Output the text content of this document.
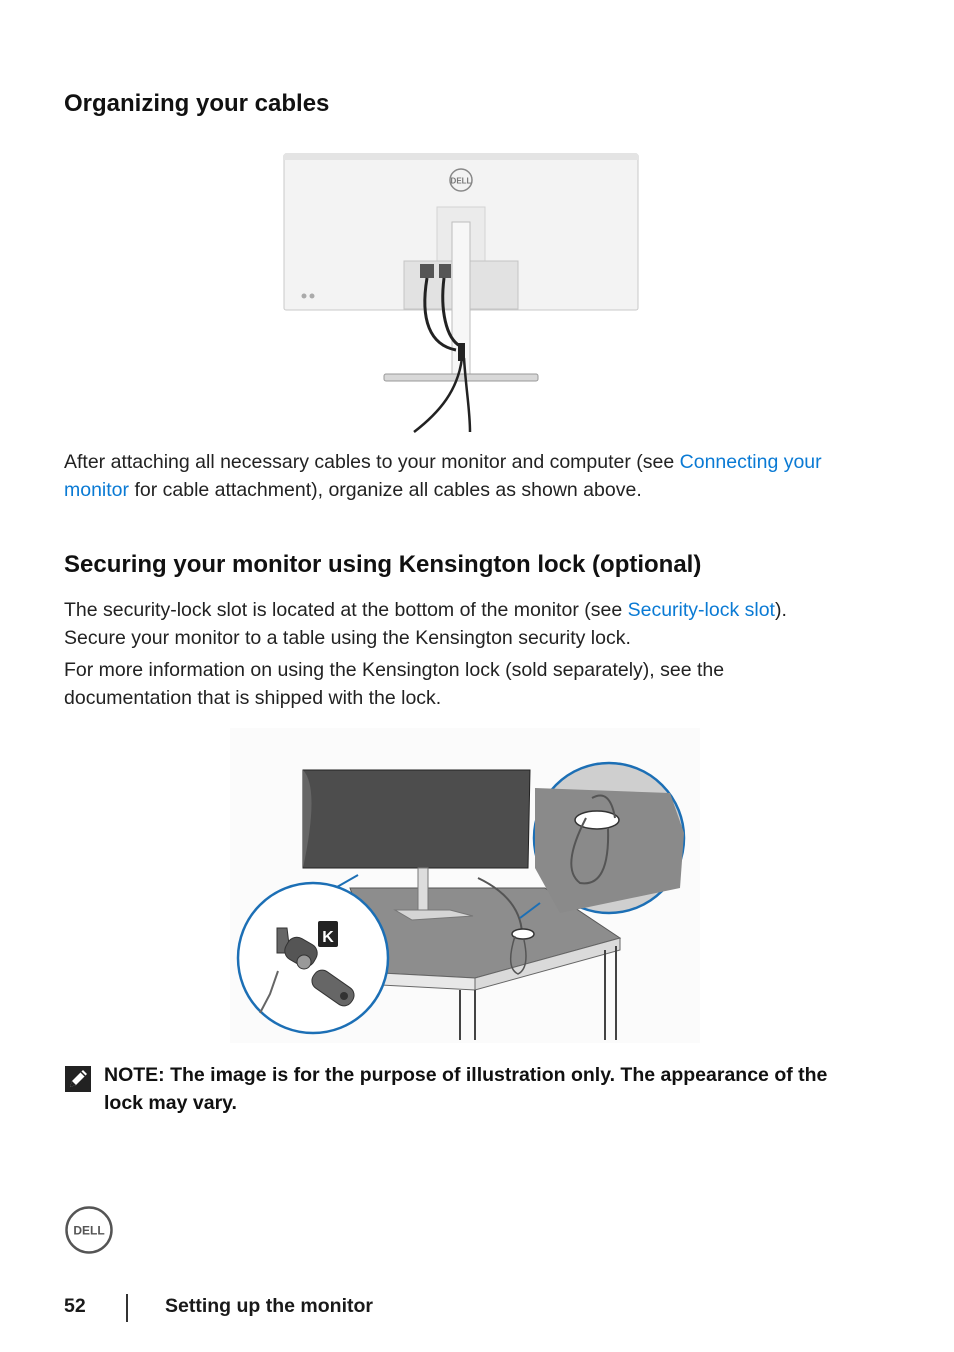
Organizing your cables
DELL

After attaching all necessary cables to your monitor and computer (see Connecting your monitor for cable attachment), organize all cables as shown above.

Securing your monitor using Kensington lock (optional)

The security-lock slot is located at the bottom of the monitor (see Security-lock slot). Secure your monitor to a table using the Kensington security lock.

For more information on using the Kensington lock (sold separately), see the documentation that is shipped with the lock.

K
NOTE: The image is for the purpose of illustration only. The appearance of the lock may vary.
DELL
52	Setting up the monitor
